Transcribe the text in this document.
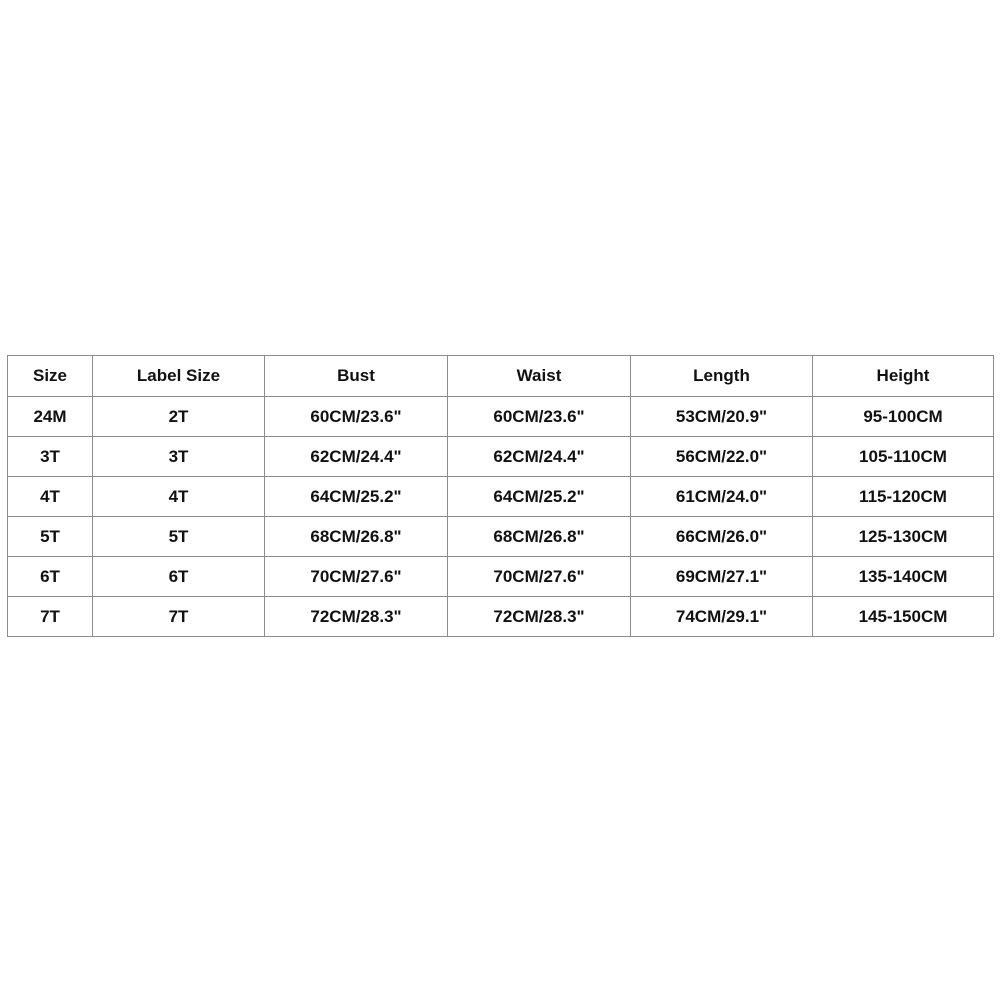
Size	Label Size	Bust	Waist	Length	Height
24M	2T	60CM/23.6"	60CM/23.6"	53CM/20.9"	95-100CM
3T	3T	62CM/24.4"	62CM/24.4"	56CM/22.0"	105-110CM
4T	4T	64CM/25.2"	64CM/25.2"	61CM/24.0"	115-120CM
5T	5T	68CM/26.8"	68CM/26.8"	66CM/26.0"	125-130CM
6T	6T	70CM/27.6"	70CM/27.6"	69CM/27.1"	135-140CM
7T	7T	72CM/28.3"	72CM/28.3"	74CM/29.1"	145-150CM
